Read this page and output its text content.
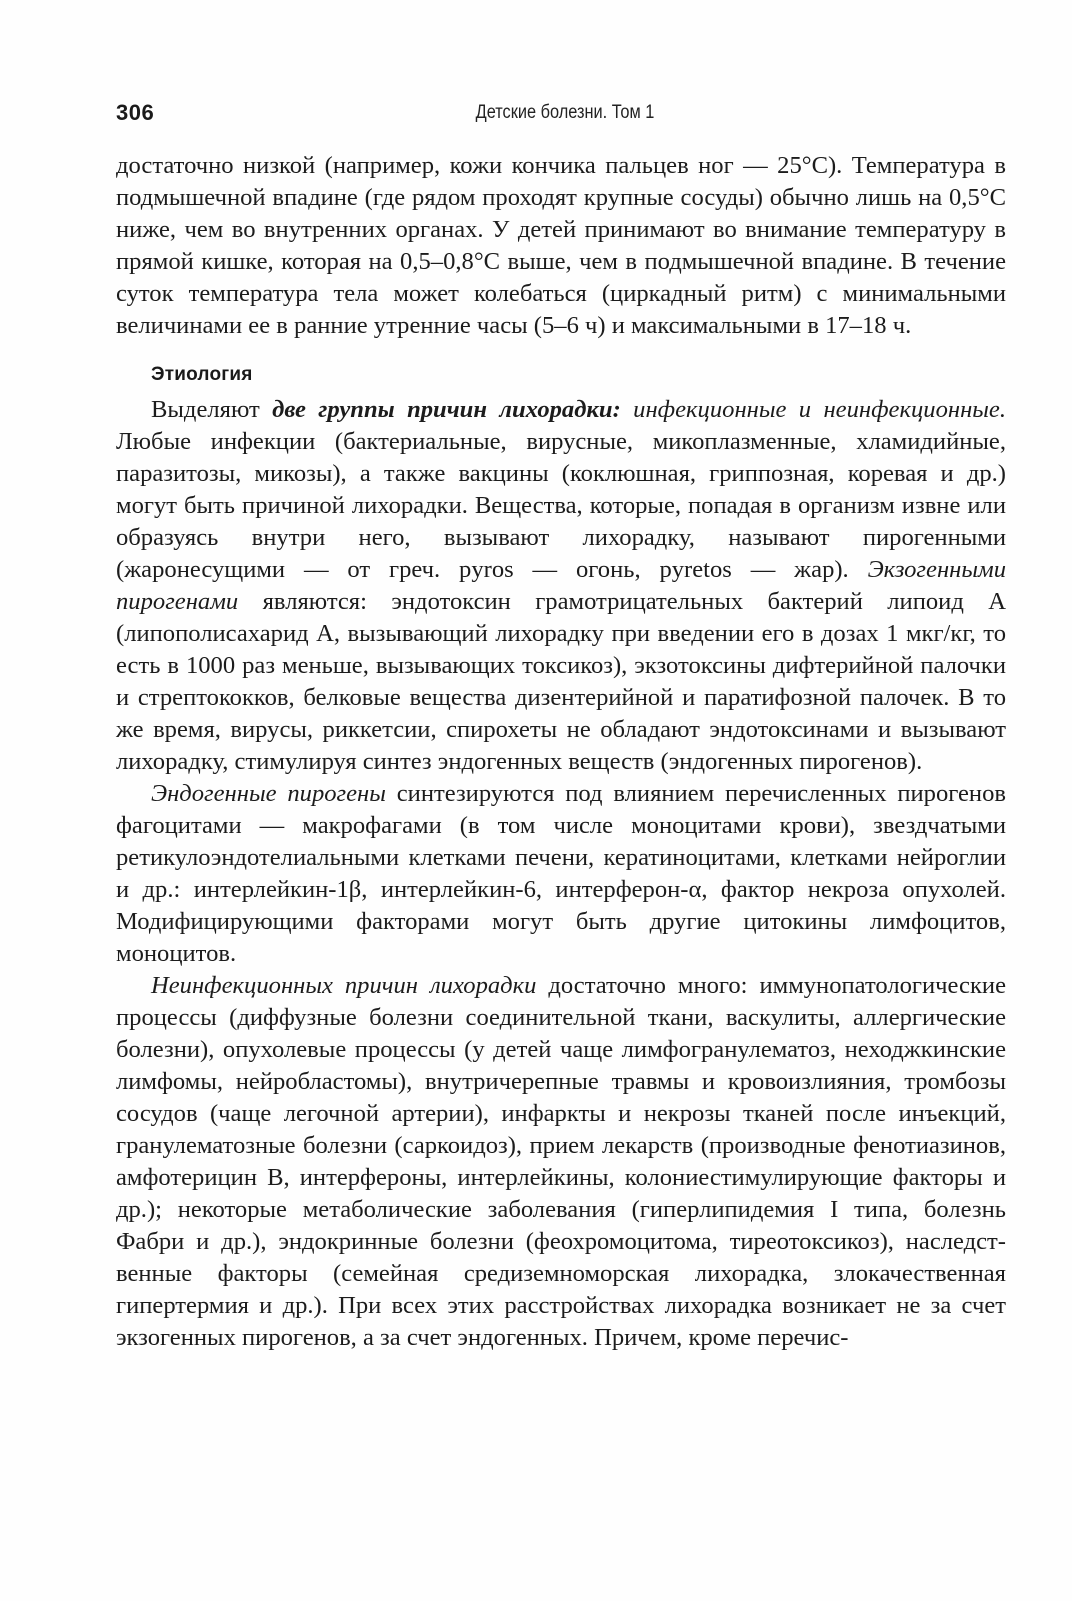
306	Детские болезни. Том 1

достаточно низкой (например, кожи кончика пальцев ног — 25°С). Температура в подмышечной впадине (где рядом проходят крупные сосуды) обычно лишь на 0,5°С ниже, чем во внутренних органах. У детей принимают во внимание температуру в прямой кишке, которая на 0,5–0,8°С выше, чем в подмышечной впадине. В течение суток температура тела может колебаться (циркадный ритм) с минимальными величинами ее в ранние утренние часы (5–6 ч) и максимальными в 17–18 ч.

Этиология

Выделяют две группы причин лихорадки: инфекционные и неинфекционные. Любые инфекции (бактериальные, вирусные, микоплазменные, хламидийные, паразитозы, микозы), а также вакцины (коклюшная, гриппозная, коревая и др.) могут быть причиной лихорадки. Вещества, которые, попадая в организм извне или образуясь внутри него, вызывают лихорадку, называют пирогенными (жаронесущими — от греч. pyros — огонь, pyretos — жар). Экзогенными пирогенами являются: эндотоксин грамотрицательных бактерий липоид А (липополисахарид А, вызывающий лихорадку при введении его в дозах 1 мкг/кг, то есть в 1000 раз меньше, вызывающих токсикоз), экзотоксины дифтерийной палочки и стрептококков, белковые вещества дизентерийной и паратифозной палочек. В то же время, вирусы, риккетсии, спирохеты не обладают эндотоксинами и вызывают лихорадку, стимулируя синтез эндогенных веществ (эндогенных пирогенов).

Эндогенные пирогены синтезируются под влиянием перечисленных пирогенов фагоцитами — макрофагами (в том числе моноцитами крови), звездчатыми ретикулоэндотелиальными клетками печени, кератиноцитами, клетками нейроглии и др.: интерлейкин-1β, интерлейкин-6, интерферон-α, фактор некроза опухолей. Модифицирующими факторами могут быть другие цитокины лимфоцитов, моноцитов.

Неинфекционных причин лихорадки достаточно много: иммунопатологические процессы (диффузные болезни соединительной ткани, васкулиты, аллергические болезни), опухолевые процессы (у детей чаще лимфогранулематоз, неходжкинские лимфомы, нейробластомы), внутричерепные травмы и кровоизлияния, тромбозы сосудов (чаще легочной артерии), инфаркты и некрозы тканей после инъекций, гранулематозные болезни (саркоидоз), прием лекарств (производные фенотиазинов, амфотерицин В, интерфероны, интерлейкины, колониестимулирующие факторы и др.); некоторые метаболические заболевания (гиперлипидемия I типа, болезнь Фабри и др.), эндокринные болезни (феохромоцитома, тиреотоксикоз), наследственные факторы (семейная средиземноморская лихорадка, злокачественная гипертермия и др.). При всех этих расстройствах лихорадка возникает не за счет экзогенных пирогенов, а за счет эндогенных. Причем, кроме перечис-
